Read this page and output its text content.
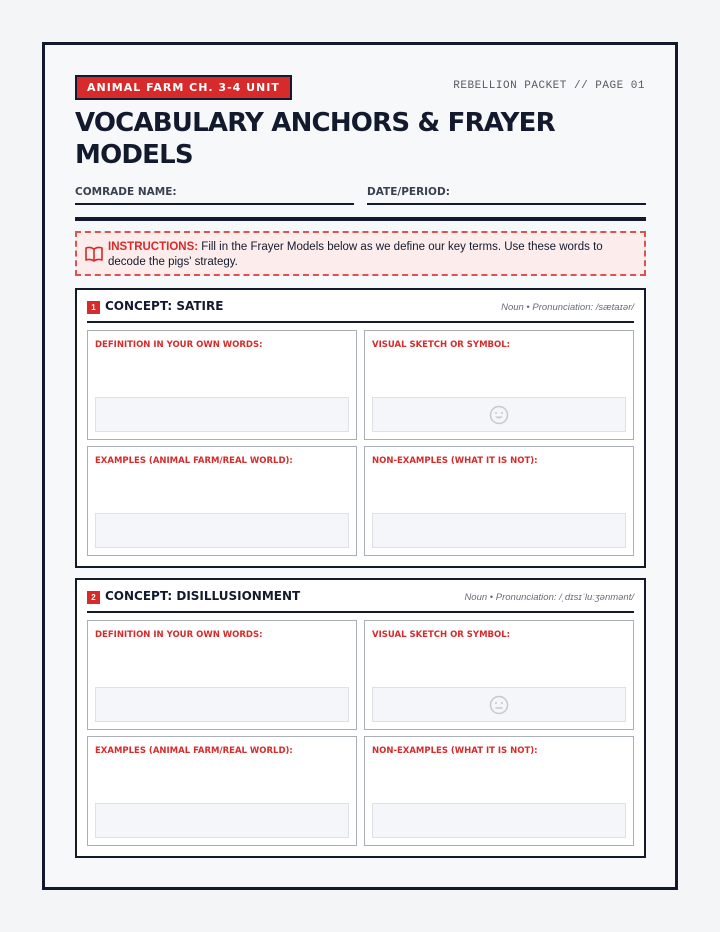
ANIMAL FARM CH. 3-4 UNIT	REBELLION PACKET // PAGE 01
VOCABULARY ANCHORS & FRAYER MODELS
COMRADE NAME:	DATE/PERIOD:
INSTRUCTIONS: Fill in the Frayer Models below as we define our key terms. Use these words to decode the pigs' strategy.
1 CONCEPT: SATIRE	Noun • Pronunciation: /sætaɪər/
DEFINITION IN YOUR OWN WORDS:	VISUAL SKETCH OR SYMBOL:
EXAMPLES (ANIMAL FARM/REAL WORLD):	NON-EXAMPLES (WHAT IT IS NOT):
2 CONCEPT: DISILLUSIONMENT	Noun • Pronunciation: /ˌdɪsɪˈluːʒənmənt/
DEFINITION IN YOUR OWN WORDS:	VISUAL SKETCH OR SYMBOL:
EXAMPLES (ANIMAL FARM/REAL WORLD):	NON-EXAMPLES (WHAT IT IS NOT):
